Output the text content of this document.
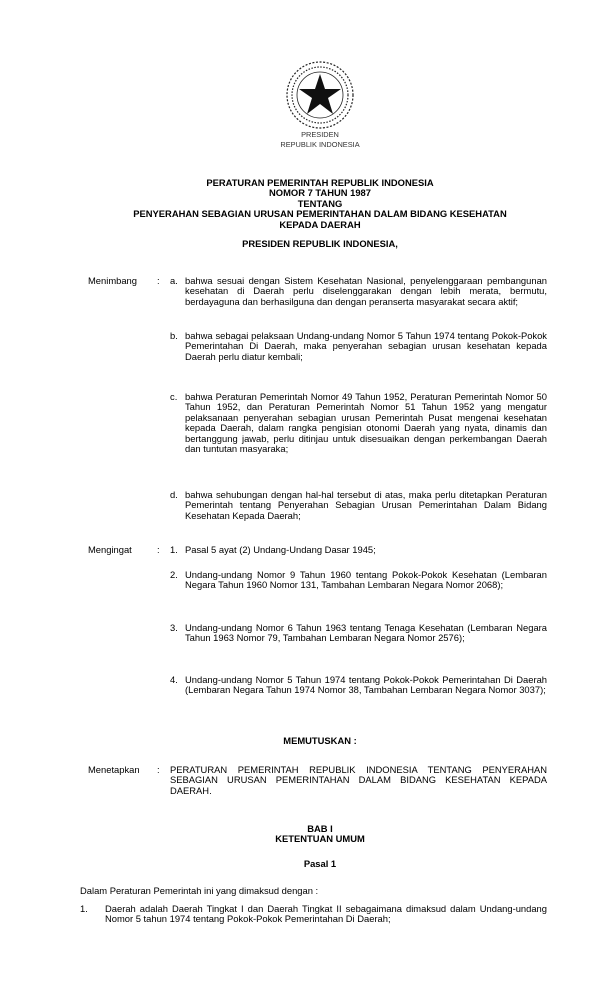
PRESIDEN
REPUBLIK INDONESIA
PERATURAN PEMERINTAH REPUBLIK INDONESIA
NOMOR 7 TAHUN 1987
TENTANG
PENYERAHAN SEBAGIAN URUSAN PEMERINTAHAN DALAM BIDANG KESEHATAN
KEPADA DAERAH
PRESIDEN REPUBLIK INDONESIA,
Menimbang : a. bahwa sesuai dengan Sistem Kesehatan Nasional, penyelenggaraan pembangunan kesehatan di Daerah perlu diselenggarakan dengan lebih merata, bermutu, berdayaguna dan berhasilguna dan dengan peranserta masyarakat secara aktif;
b. bahwa sebagai pelaksaan Undang-undang Nomor 5 Tahun 1974 tentang Pokok-Pokok Pemerintahan Di Daerah, maka penyerahan sebagian urusan kesehatan kepada Daerah perlu diatur kembali;
c. bahwa Peraturan Pemerintah Nomor 49 Tahun 1952, Peraturan Pemerintah Nomor 50 Tahun 1952, dan Peraturan Pemerintah Nomor 51 Tahun 1952 yang mengatur pelaksanaan penyerahan sebagian urusan Pemerintah Pusat mengenai kesehatan kepada Daerah, dalam rangka pengisian otonomi Daerah yang nyata, dinamis dan bertanggung jawab, perlu ditinjau untuk disesuaikan dengan perkembangan Daerah dan tuntutan masyaraka;
d. bahwa sehubungan dengan hal-hal tersebut di atas, maka perlu ditetapkan Peraturan Pemerintah tentang Penyerahan Sebagian Urusan Pemerintahan Dalam Bidang Kesehatan Kepada Daerah;
Mengingat	: 1. Pasal 5 ayat (2) Undang-Undang Dasar 1945;
2. Undang-undang Nomor 9 Tahun 1960 tentang Pokok-Pokok Kesehatan (Lembaran Negara Tahun 1960 Nomor 131, Tambahan Lembaran Negara Nomor 2068);
3. Undang-undang Nomor 6 Tahun 1963 tentang Tenaga Kesehatan (Lembaran Negara Tahun 1963 Nomor 79, Tambahan Lembaran Negara Nomor 2576);
4. Undang-undang Nomor 5 Tahun 1974 tentang Pokok-Pokok Pemerintahan Di Daerah (Lembaran Negara Tahun 1974 Nomor 38, Tambahan Lembaran Negara Nomor 3037);
MEMUTUSKAN :
Menetapkan : PERATURAN PEMERINTAH REPUBLIK INDONESIA TENTANG PENYERAHAN SEBAGIAN URUSAN PEMERINTAHAN DALAM BIDANG KESEHATAN KEPADA DAERAH.
BAB I
KETENTUAN UMUM
Pasal 1
Dalam Peraturan Pemerintah ini yang dimaksud dengan :
1. Daerah adalah Daerah Tingkat I dan Daerah Tingkat II sebagaimana dimaksud dalam Undang-undang Nomor 5 tahun 1974 tentang Pokok-Pokok Pemerintahan Di Daerah;
